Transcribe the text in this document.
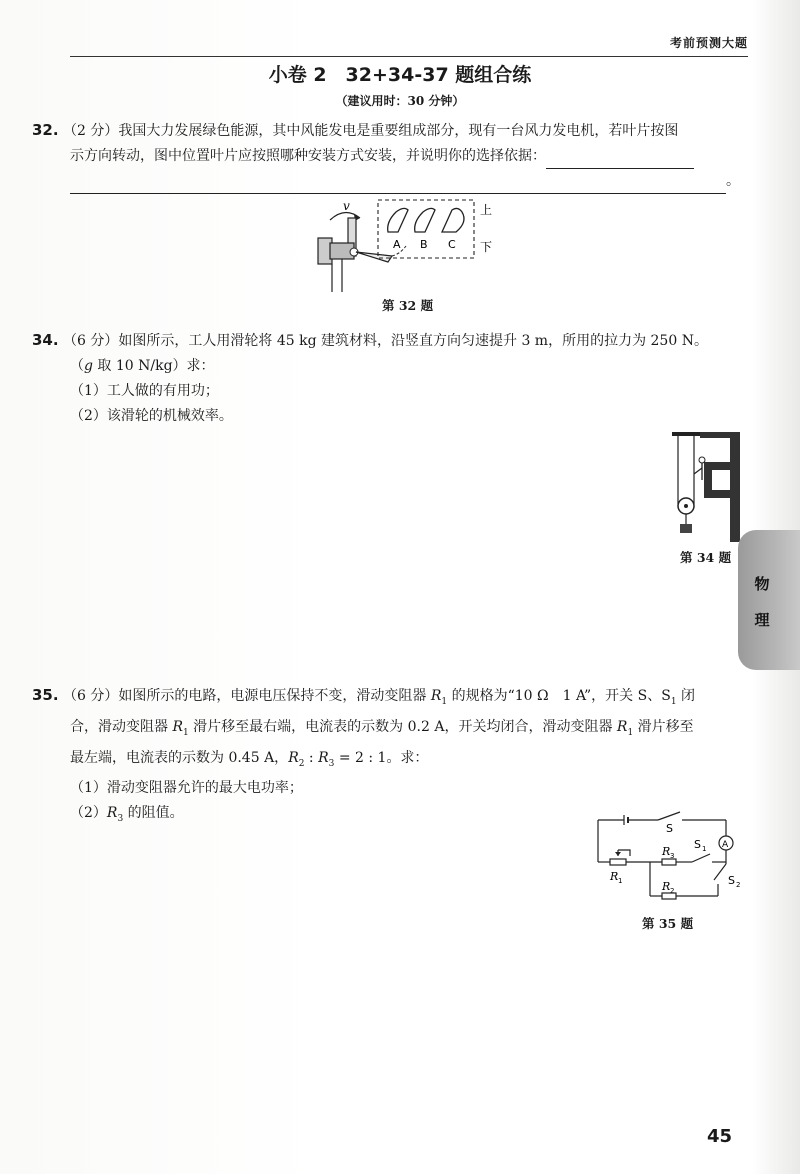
考前预测大题
小卷 2　32+34-37 题组合练
（建议用时：30 分钟）
32. （2 分）我国大力发展绿色能源，其中风能发电是重要组成部分，现有一台风力发电机，若叶片按图
示方向转动，图中位置叶片应按照哪种安装方式安装，并说明你的选择依据：
。
v
A B C
上
下
第 32 题
34. （6 分）如图所示，工人用滑轮将 45 kg 建筑材料，沿竖直方向匀速提升 3 m，所用的拉力为 250 N。
（g 取 10 N/kg）求：
（1）工人做的有用功；
（2）该滑轮的机械效率。
第 34 题
35. （6 分）如图所示的电路，电源电压保持不变，滑动变阻器 $R_1$ 的规格为“10 Ω　1 A”，开关 S、$S_1$ 闭
合，滑动变阻器 $R_1$ 滑片移至最右端，电流表的示数为 0.2 A，开关均闭合，滑动变阻器 $R_1$ 滑片移至
最左端，电流表的示数为 0.45 A，$R_2$ : $R_3 = 2$ : 1。求：
（1）滑动变阻器允许的最大电功率；
$(2)R_3$ 的阻值。
A
S
S 1
S 2
R 3
R 1	R 2
第 35 题
物
理
45
